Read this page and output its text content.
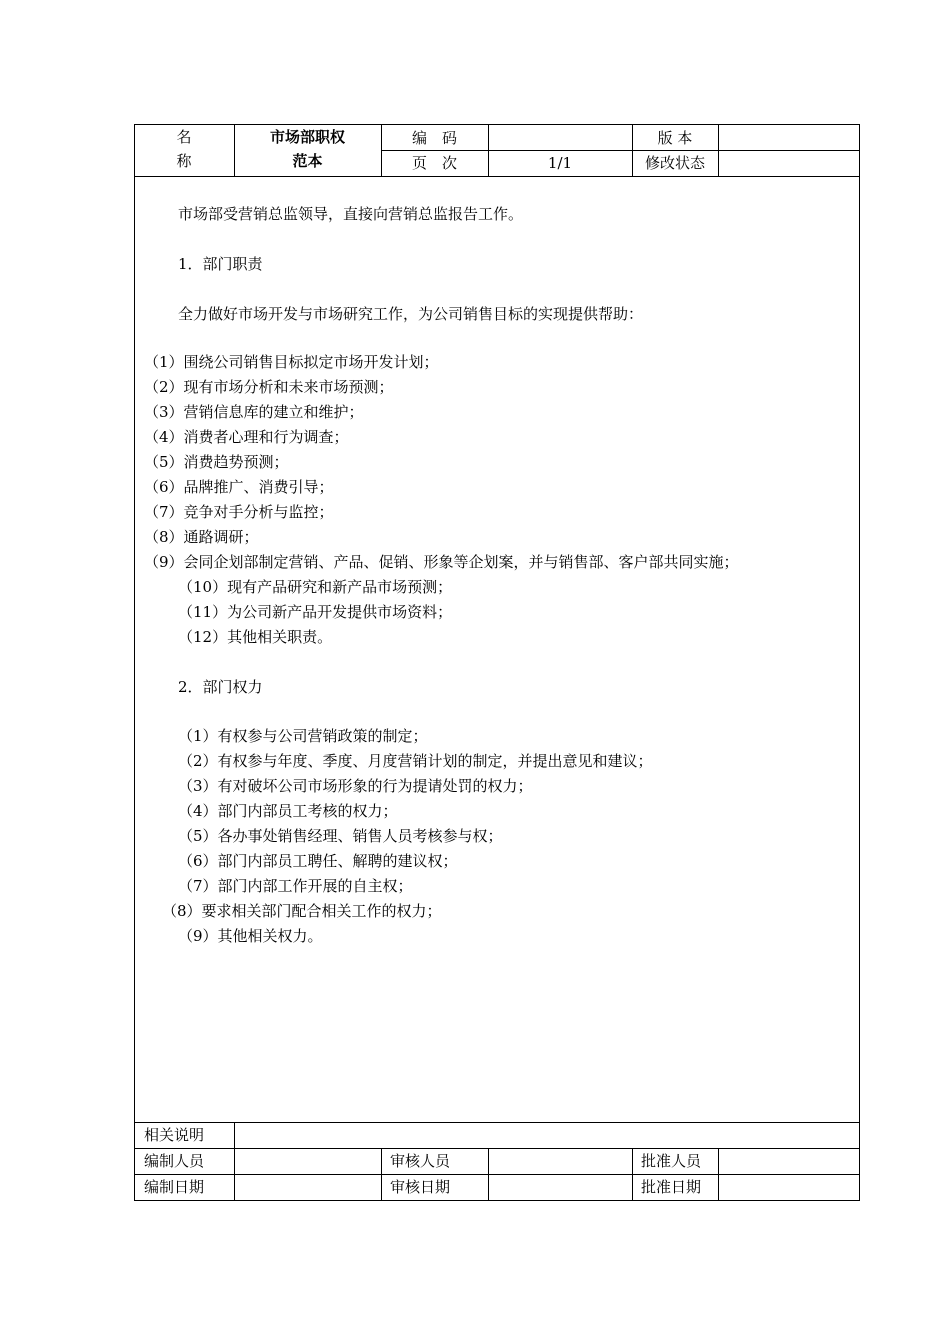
名
称
市场部职权
范本
编　码	版 本
页　次	1/1	修改状态
市场部受营销总监领导，直接向营销总监报告工作。
1．部门职责
全力做好市场开发与市场研究工作，为公司销售目标的实现提供帮助：
（1）围绕公司销售目标拟定市场开发计划；
（2）现有市场分析和未来市场预测；
（3）营销信息库的建立和维护；
（4）消费者心理和行为调查；
（5）消费趋势预测；
（6）品牌推广、消费引导；
（7）竞争对手分析与监控；
（8）通路调研；
（9）会同企划部制定营销、产品、促销、形象等企划案，并与销售部、客户部共同实施；
（10）现有产品研究和新产品市场预测；
（11）为公司新产品开发提供市场资料；
（12）其他相关职责。
2．部门权力
（1）有权参与公司营销政策的制定；
（2）有权参与年度、季度、月度营销计划的制定，并提出意见和建议；
（3）有对破坏公司市场形象的行为提请处罚的权力；
（4）部门内部员工考核的权力；
（5）各办事处销售经理、销售人员考核参与权；
（6）部门内部员工聘任、解聘的建议权；
（7）部门内部工作开展的自主权；
（8）要求相关部门配合相关工作的权力；
（9）其他相关权力。
相关说明
编制人员	审核人员	批准人员
编制日期	审核日期	批准日期
